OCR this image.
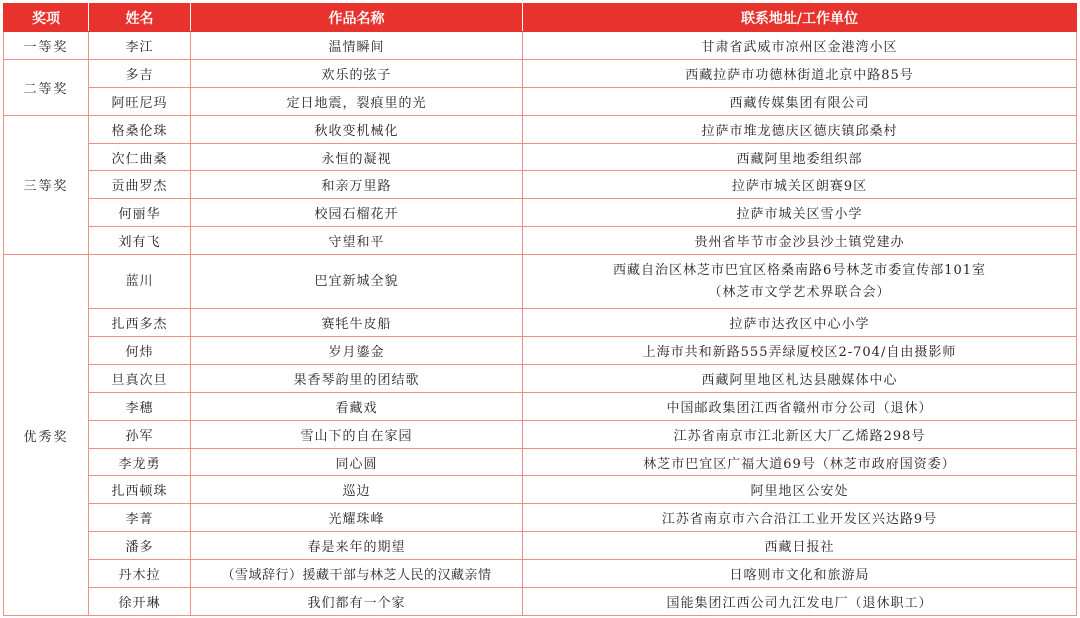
奖项	姓名	作品名称	联系地址/工作单位
一等奖	李江	温情瞬间	甘肃省武威市凉州区金港湾小区
二等奖	多吉	欢乐的弦子	西藏拉萨市功德林街道北京中路85号
	阿旺尼玛	定日地震，裂痕里的光	西藏传媒集团有限公司
三等奖	格桑伦珠	秋收变机械化	拉萨市堆龙德庆区德庆镇邱桑村
	次仁曲桑	永恒的凝视	西藏阿里地委组织部
	贡曲罗杰	和亲万里路	拉萨市城关区朗赛9区
	何丽华	校园石榴花开	拉萨市城关区雪小学
	刘有飞	守望和平	贵州省毕节市金沙县沙土镇党建办
优秀奖	蓝川	巴宜新城全貌	西藏自治区林芝市巴宜区格桑南路6号林芝市委宣传部101室
（林芝市文学艺术界联合会）

	扎西多杰	赛牦牛皮船	拉萨市达孜区中心小学
	何炜	岁月鎏金	上海市共和新路555弄绿厦校区2-704/自由摄影师
	旦真次旦	果香琴韵里的团结歌	西藏阿里地区札达县融媒体中心
	李穗	看藏戏	中国邮政集团江西省赣州市分公司（退休）
	孙军	雪山下的自在家园	江苏省南京市江北新区大厂乙烯路298号
	李龙勇	同心圆	林芝市巴宜区广福大道69号（林芝市政府国资委）
	扎西顿珠	巡边	阿里地区公安处
	李菁	光耀珠峰	江苏省南京市六合沿江工业开发区兴达路9号
	潘多	春是来年的期望	西藏日报社
	丹木拉	（雪域辞行）援藏干部与林芝人民的汉藏亲情	日喀则市文化和旅游局
	徐开琳	我们都有一个家	国能集团江西公司九江发电厂（退休职工）
